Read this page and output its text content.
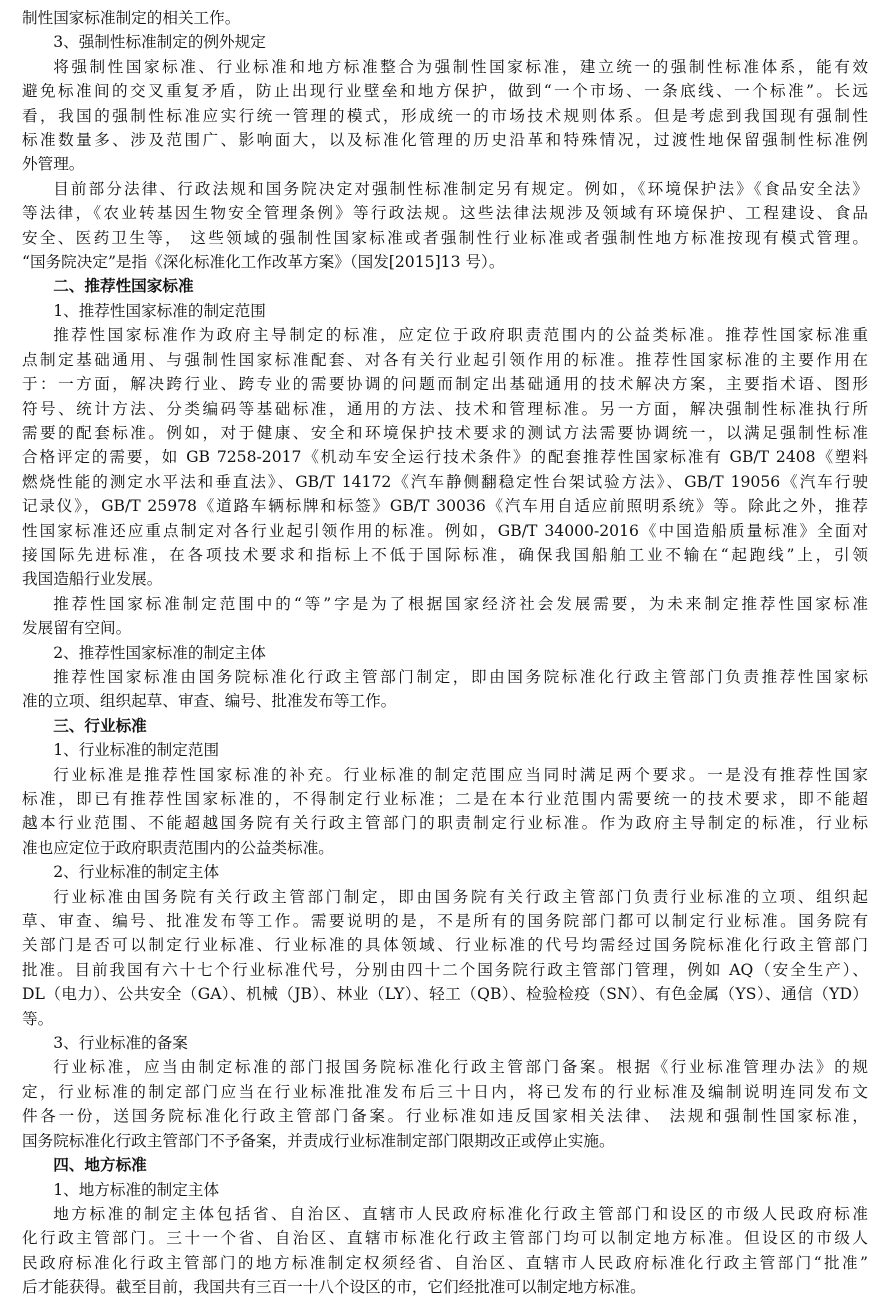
制性国家标准制定的相关工作。
3、强制性标准制定的例外规定
将强制性国家标准、行业标准和地方标准整合为强制性国家标准，建立统一的强制性标准体系，能有效
避免标准间的交叉重复矛盾，防止出现行业壁垒和地方保护，做到“一个市场、一条底线、一个标准”。长远
看，我国的强制性标准应实行统一管理的模式，形成统一的市场技术规则体系。但是考虑到我国现有强制性
标准数量多、涉及范围广、影响面大，以及标准化管理的历史沿革和特殊情况，过渡性地保留强制性标准例
外管理。
目前部分法律、行政法规和国务院决定对强制性标准制定另有规定。例如，《环境保护法》《食品安全法》
等法律，《农业转基因生物安全管理条例》等行政法规。这些法律法规涉及领域有环境保护、工程建设、食品
安全、医药卫生等， 这些领域的强制性国家标准或者强制性行业标准或者强制性地方标准按现有模式管理。
“国务院决定”是指《深化标准化工作改革方案》（国发[2015]13 号）。
二、推荐性国家标准
1、推荐性国家标准的制定范围
推荐性国家标准作为政府主导制定的标准，应定位于政府职责范围内的公益类标准。推荐性国家标准重
点制定基础通用、与强制性国家标准配套、对各有关行业起引领作用的标准。推荐性国家标准的主要作用在
于：一方面，解决跨行业、跨专业的需要协调的问题而制定出基础通用的技术解决方案，主要指术语、图形
符号、统计方法、分类编码等基础标准，通用的方法、技术和管理标准。另一方面，解决强制性标准执行所
需要的配套标准。例如，对于健康、安全和环境保护技术要求的测试方法需要协调统一，以满足强制性标准
合格评定的需要，如 GB 7258-2017《机动车安全运行技术条件》的配套推荐性国家标准有 GB/T 2408《塑料
燃烧性能的测定水平法和垂直法》、GB/T 14172《汽车静侧翻稳定性台架试验方法》、GB/T 19056《汽车行驶
记录仪》，GB/T 25978《道路车辆标牌和标签》GB/T 30036《汽车用自适应前照明系统》等。除此之外，推荐
性国家标准还应重点制定对各行业起引领作用的标准。例如，GB/T 34000-2016《中国造船质量标准》全面对
接国际先进标准，在各项技术要求和指标上不低于国际标准，确保我国船舶工业不输在“起跑线”上，引领
我国造船行业发展。
推荐性国家标准制定范围中的“等”字是为了根据国家经济社会发展需要，为未来制定推荐性国家标准
发展留有空间。
2、推荐性国家标准的制定主体
推荐性国家标准由国务院标准化行政主管部门制定，即由国务院标准化行政主管部门负责推荐性国家标
准的立项、组织起草、审查、编号、批准发布等工作。
三、行业标准
1、行业标准的制定范围
行业标准是推荐性国家标准的补充。行业标准的制定范围应当同时满足两个要求。一是没有推荐性国家
标准，即已有推荐性国家标准的，不得制定行业标准；二是在本行业范围内需要统一的技术要求，即不能超
越本行业范围、不能超越国务院有关行政主管部门的职责制定行业标准。作为政府主导制定的标准，行业标
准也应定位于政府职责范围内的公益类标准。
2、行业标准的制定主体
行业标准由国务院有关行政主管部门制定，即由国务院有关行政主管部门负责行业标准的立项、组织起
草、审查、编号、批准发布等工作。需要说明的是，不是所有的国务院部门都可以制定行业标准。国务院有
关部门是否可以制定行业标准、行业标准的具体领域、行业标准的代号均需经过国务院标准化行政主管部门
批准。目前我国有六十七个行业标准代号，分别由四十二个国务院行政主管部门管理，例如 AQ（安全生产）、
DL（电力）、公共安全（GA）、机械（JB）、林业（LY）、轻工（QB）、检验检疫（SN）、有色金属（YS）、通信（YD）
等。
3、行业标准的备案
行业标准，应当由制定标准的部门报国务院标准化行政主管部门备案。根据《行业标准管理办法》的规
定，行业标准的制定部门应当在行业标准批准发布后三十日内，将已发布的行业标准及编制说明连同发布文
件各一份，送国务院标准化行政主管部门备案。行业标准如违反国家相关法律、 法规和强制性国家标准，
国务院标准化行政主管部门不予备案，并责成行业标准制定部门限期改正或停止实施。
四、地方标准
1、地方标准的制定主体
地方标准的制定主体包括省、自治区、直辖市人民政府标准化行政主管部门和设区的市级人民政府标准
化行政主管部门。三十一个省、自治区、直辖市标准化行政主管部门均可以制定地方标准。但设区的市级人
民政府标准化行政主管部门的地方标准制定权须经省、自治区、直辖市人民政府标准化行政主管部门“批准”
后才能获得。截至目前，我国共有三百一十八个设区的市，它们经批准可以制定地方标准。
